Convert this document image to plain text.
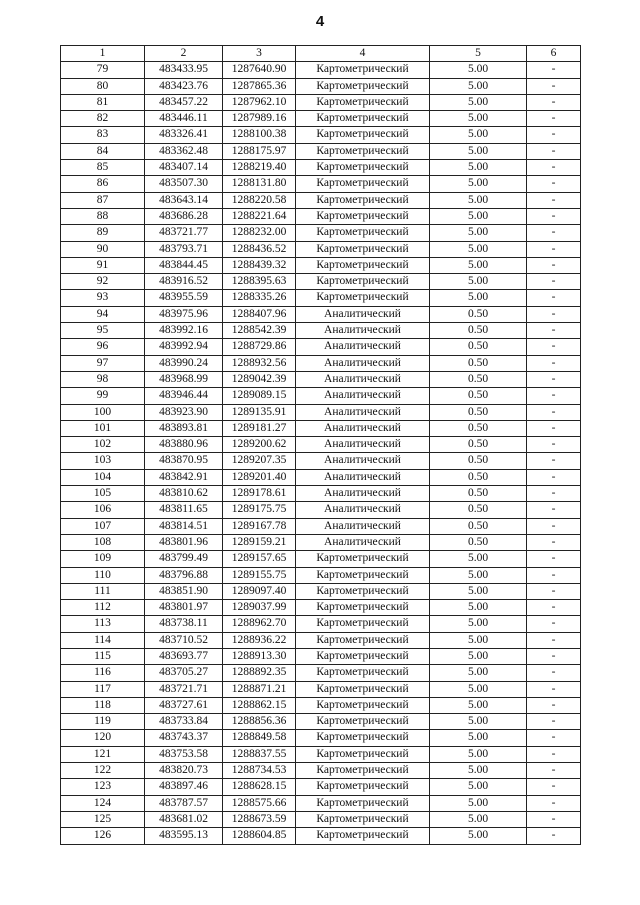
4
1	2	3	4	5	6
79	483433.95	1287640.90	Картометрический	5.00	-
80	483423.76	1287865.36	Картометрический	5.00	-
81	483457.22	1287962.10	Картометрический	5.00	-
82	483446.11	1287989.16	Картометрический	5.00	-
83	483326.41	1288100.38	Картометрический	5.00	-
84	483362.48	1288175.97	Картометрический	5.00	-
85	483407.14	1288219.40	Картометрический	5.00	-
86	483507.30	1288131.80	Картометрический	5.00	-
87	483643.14	1288220.58	Картометрический	5.00	-
88	483686.28	1288221.64	Картометрический	5.00	-
89	483721.77	1288232.00	Картометрический	5.00	-
90	483793.71	1288436.52	Картометрический	5.00	-
91	483844.45	1288439.32	Картометрический	5.00	-
92	483916.52	1288395.63	Картометрический	5.00	-
93	483955.59	1288335.26	Картометрический	5.00	-
94	483975.96	1288407.96	Аналитический	0.50	-
95	483992.16	1288542.39	Аналитический	0.50	-
96	483992.94	1288729.86	Аналитический	0.50	-
97	483990.24	1288932.56	Аналитический	0.50	-
98	483968.99	1289042.39	Аналитический	0.50	-
99	483946.44	1289089.15	Аналитический	0.50	-
100	483923.90	1289135.91	Аналитический	0.50	-
101	483893.81	1289181.27	Аналитический	0.50	-
102	483880.96	1289200.62	Аналитический	0.50	-
103	483870.95	1289207.35	Аналитический	0.50	-
104	483842.91	1289201.40	Аналитический	0.50	-
105	483810.62	1289178.61	Аналитический	0.50	-
106	483811.65	1289175.75	Аналитический	0.50	-
107	483814.51	1289167.78	Аналитический	0.50	-
108	483801.96	1289159.21	Аналитический	0.50	-
109	483799.49	1289157.65	Картометрический	5.00	-
110	483796.88	1289155.75	Картометрический	5.00	-
111	483851.90	1289097.40	Картометрический	5.00	-
112	483801.97	1289037.99	Картометрический	5.00	-
113	483738.11	1288962.70	Картометрический	5.00	-
114	483710.52	1288936.22	Картометрический	5.00	-
115	483693.77	1288913.30	Картометрический	5.00	-
116	483705.27	1288892.35	Картометрический	5.00	-
117	483721.71	1288871.21	Картометрический	5.00	-
118	483727.61	1288862.15	Картометрический	5.00	-
119	483733.84	1288856.36	Картометрический	5.00	-
120	483743.37	1288849.58	Картометрический	5.00	-
121	483753.58	1288837.55	Картометрический	5.00	-
122	483820.73	1288734.53	Картометрический	5.00	-
123	483897.46	1288628.15	Картометрический	5.00	-
124	483787.57	1288575.66	Картометрический	5.00	-
125	483681.02	1288673.59	Картометрический	5.00	-
126	483595.13	1288604.85	Картометрический	5.00	-
